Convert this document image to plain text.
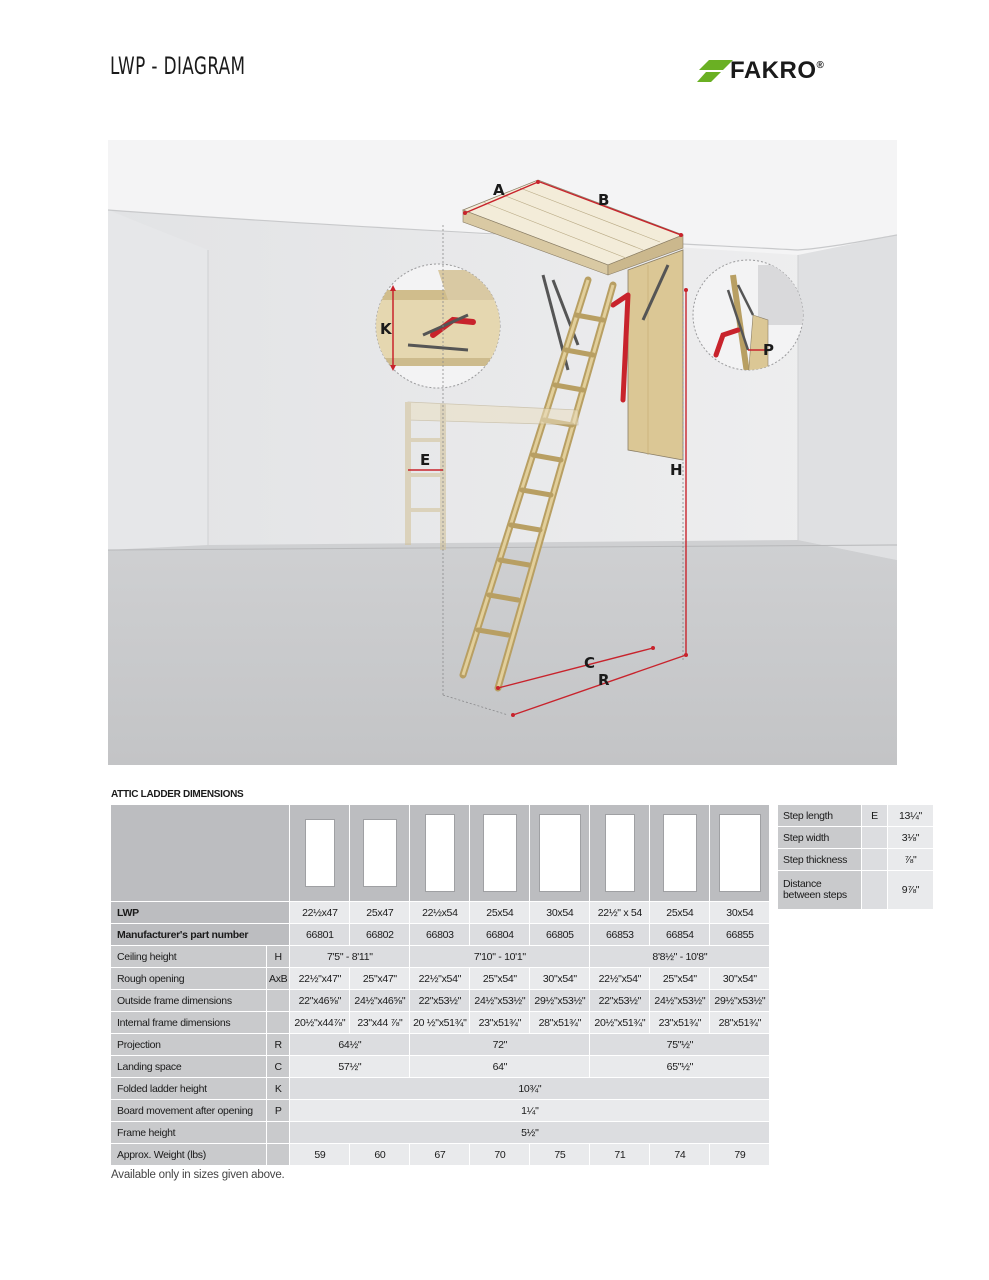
LWP - DIAGRAM	FAKRO®
A
B
K
P
E
H
C
R
ATTIC LADDER DIMENSIONS

LWP		22½x47	25x47	22½x54	25x54	30x54	22½" x 54	25x54	30x54
Manufacturer's part number		66801	66802	66803	66804	66805	66853	66854	66855
Ceiling height	H	7'5" - 8'11"		7'10" - 10'1"			8'8½" - 10'8"		
Rough opening	AxB	22½"x47"	25"x47"	22½"x54"	25"x54"	30"x54"	22½"x54"	25"x54"	30"x54"
Outside frame dimensions		22"x46⅝"	24½"x46⅝"	22"x53½"	24½"x53½"	29½"x53½"	22"x53½"	24½"x53½"	29½"x53½"
Internal frame dimensions		20½"x44⅞"	23"x44 ⅞"	20 ½"x51¾"	23"x51¾"	28"x51¾"	20½"x51¾"	23"x51¾"	28"x51¾"
Projection	R	64½"		72"			75"½"		
Landing space	C	57½"		64"			65"½"		
Folded ladder height	K	10¾"							
Board movement after opening	P	1¼"							
Frame height		5½"							
Approx. Weight (lbs)		59	60	67	70	75	71	74	79
Step length	E	13¼"
Step width		3⅛"
Step thickness		⅞"
Distance between steps		9⅞"
Available only in sizes given above.
